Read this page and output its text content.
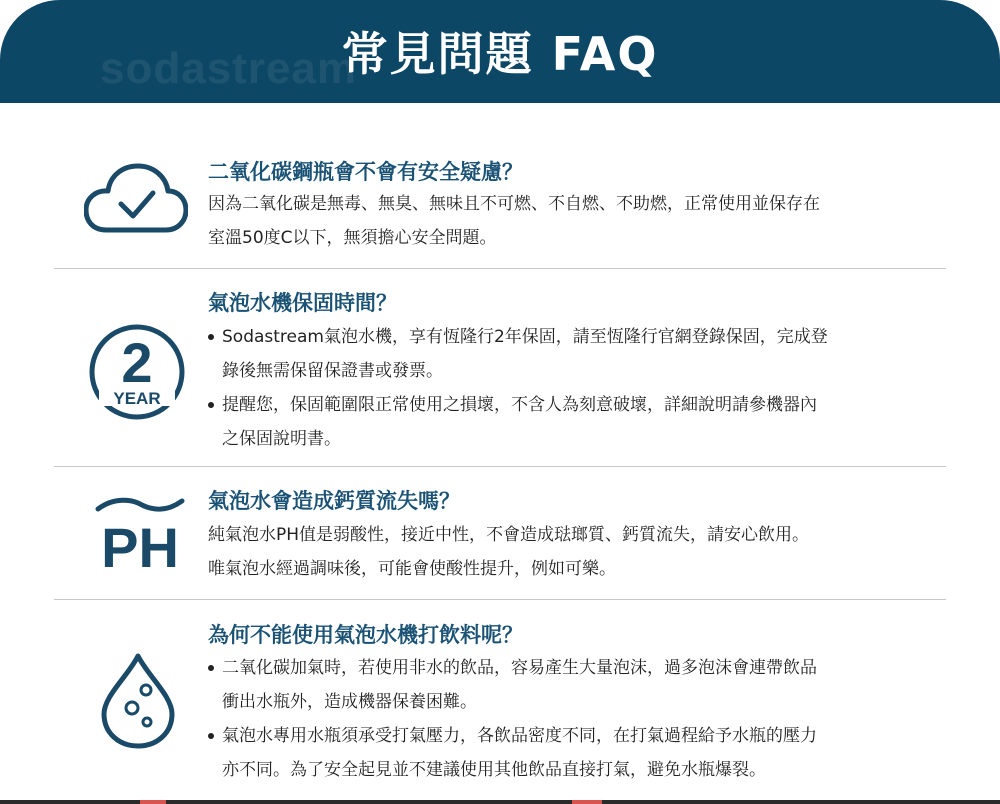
sodastream
常見問題 FAQ
二氧化碳鋼瓶會不會有安全疑慮？

因為二氧化碳是無毒、無臭、無味且不可燃、不自燃、不助燃，正常使用並保存在

室溫50度C以下，無須擔心安全問題。

2
YEAR
氣泡水機保固時間？

Sodastream氣泡水機，享有恆隆行2年保固，請至恆隆行官網登錄保固，完成登

錄後無需保留保證書或發票。

提醒您，保固範圍限正常使用之損壞，不含人為刻意破壞，詳細說明請參機器內

之保固說明書。

PH
氣泡水會造成鈣質流失嗎？

純氣泡水PH值是弱酸性，接近中性，不會造成琺瑯質、鈣質流失，請安心飲用。

唯氣泡水經過調味後，可能會使酸性提升，例如可樂。

為何不能使用氣泡水機打飲料呢？

二氧化碳加氣時，若使用非水的飲品，容易產生大量泡沫，過多泡沫會連帶飲品

衝出水瓶外，造成機器保養困難。

氣泡水專用水瓶須承受打氣壓力，各飲品密度不同，在打氣過程給予水瓶的壓力

亦不同。為了安全起見並不建議使用其他飲品直接打氣，避免水瓶爆裂。
